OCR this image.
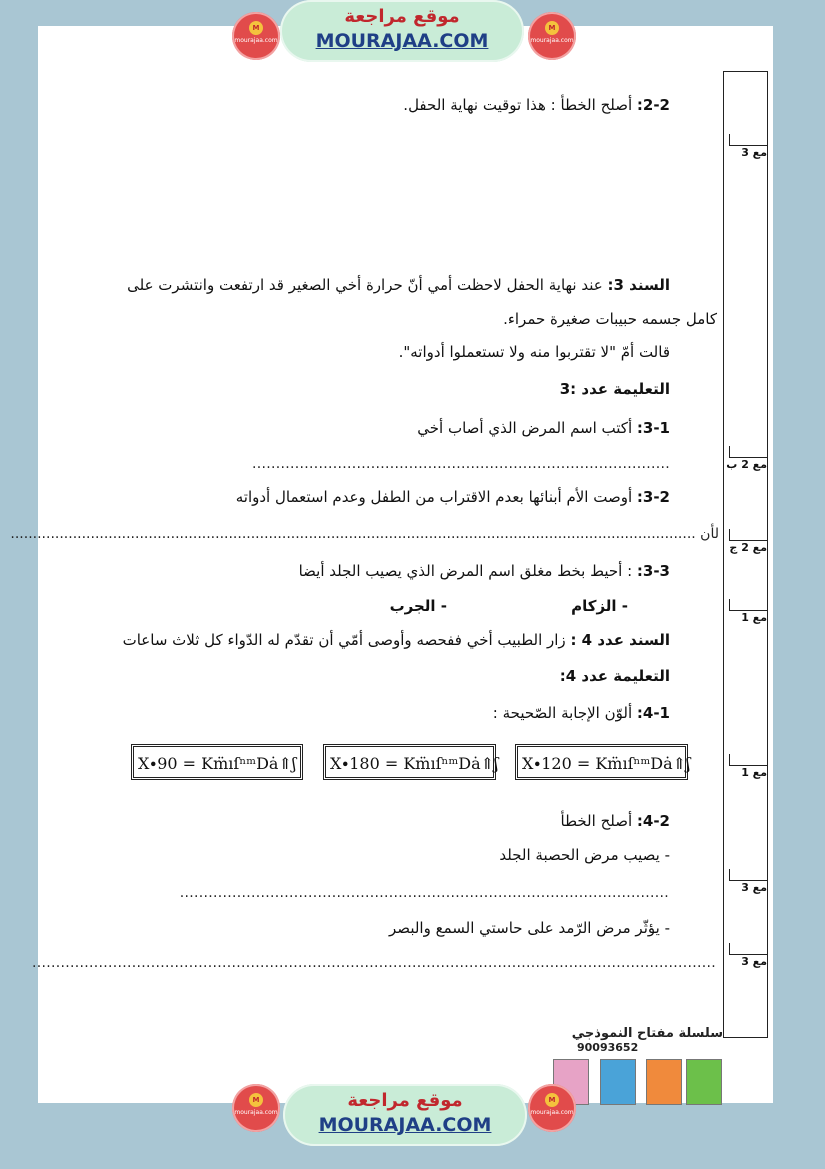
M
mourajaa.com
موقع مراجعة
MOURAJAA.COM
M
mourajaa.com
مع 3
مع 2 ب
مع 2 ج
مع 1
مع 1
مع 3
مع 3
2-2: أصلح الخطأ : هذا توقيت نهاية الحفل.
السند 3: عند نهاية الحفل لاحظت أمي أنّ حرارة أخي الصغير قد ارتفعت وانتشرت على
كامل جسمه حبيبات صغيرة حمراء.
قالت أمّ "لا تقتربوا منه ولا تستعملوا أدواته".
التعليمة عدد :3
3-1: أكتب اسم المرض الذي أصاب أخي
........................................................................................
3-2: أوصت الأم أبنائها بعدم الاقتراب من الطفل وعدم استعمال أدواته
لأن ..........................................................................................................................................................
3-3: : أحيط بخط مغلق اسم المرض الذي يصيب الجلد أيضا
- الزكام
- الجرب
السند عدد 4 : زار الطبيب أخي ففحصه وأوصى أمّي أن تقدّم له الدّواء كل ثلاث ساعات
التعليمة عدد 4:
4-1: ألوّن الإجابة الصّحيحة :
X∙90 = Km̈ıſⁿᵐDȧ⇑ʃ	X∙180 = Km̈ıſⁿᵐDȧ⇑ʃ	X∙120 = Km̈ıſⁿᵐDȧ⇑ʃ
4-2: أصلح الخطأ
- يصيب مرض الحصبة الجلد
.......................................................................................................
- يؤثّر مرض الرّمد على حاستي السمع والبصر
................................................................................................................................................
سلسلة مفتاح النموذجي
90093652
M
mourajaa.com
موقع مراجعة
MOURAJAA.COM
M
mourajaa.com
